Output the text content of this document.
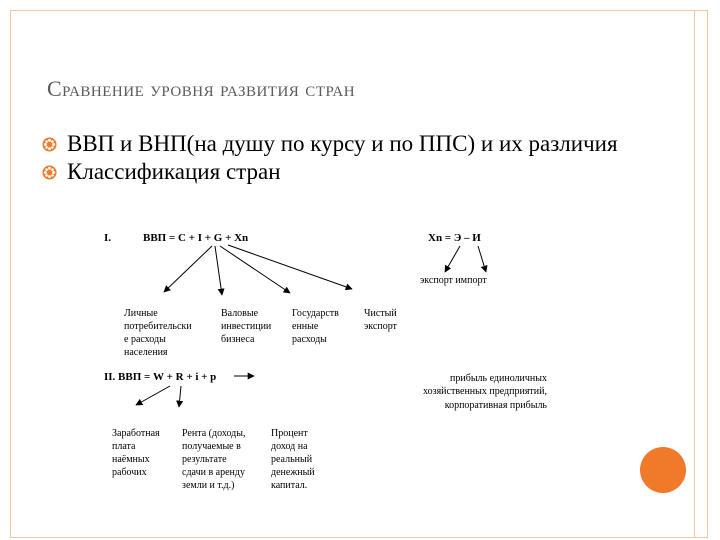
Сравнение уровня развития стран
ВВП и ВНП(на душу по курсу и по ППС) и их различия
Классификация стран
I.	ВВП = C + I + G + Xn
Личные
потребительски
е расходы
населения
Валовые
инвестиции
бизнеса
Государств
енные
расходы
Чистый
экспорт
Xn = Э – И
экспорт импорт
II. ВВП = W + R + i + p
Заработная
плата
наёмных
рабочих
Рента (доходы,
получаемые в
результате
сдачи в аренду
земли и т.д.)
Процент
доход на
реальный
денежный
капитал.
прибыль единоличных
хозяйственных предприятий,
корпоративная прибыль
